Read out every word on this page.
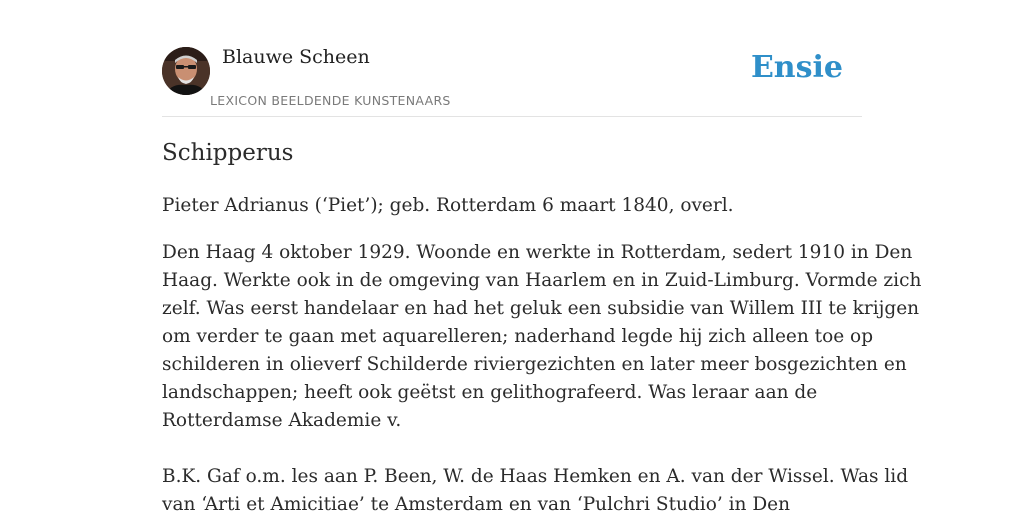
Blauwe Scheen
LEXICON BEELDENDE KUNSTENAARS
Ensie
Schipperus

Pieter Adrianus (‘Piet’); geb. Rotterdam 6 maart 1840, overl.

Den Haag 4 oktober 1929. Woonde en werkte in Rotterdam, sedert 1910 in Den
Haag. Werkte ook in de omgeving van Haarlem en in Zuid-Limburg. Vormde zich
zelf. Was eerst handelaar en had het geluk een subsidie van Willem III te krijgen
om verder te gaan met aquarelleren; naderhand legde hij zich alleen toe op
schilderen in olieverf Schilderde riviergezichten en later meer bosgezichten en
landschappen; heeft ook geëtst en gelithografeerd. Was leraar aan de
Rotterdamse Akademie v.

B.K. Gaf o.m. les aan P. Been, W. de Haas Hemken en A. van der Wissel. Was lid
van ‘Arti et Amicitiae’ te Amsterdam en van ‘Pulchri Studio’ in Den
